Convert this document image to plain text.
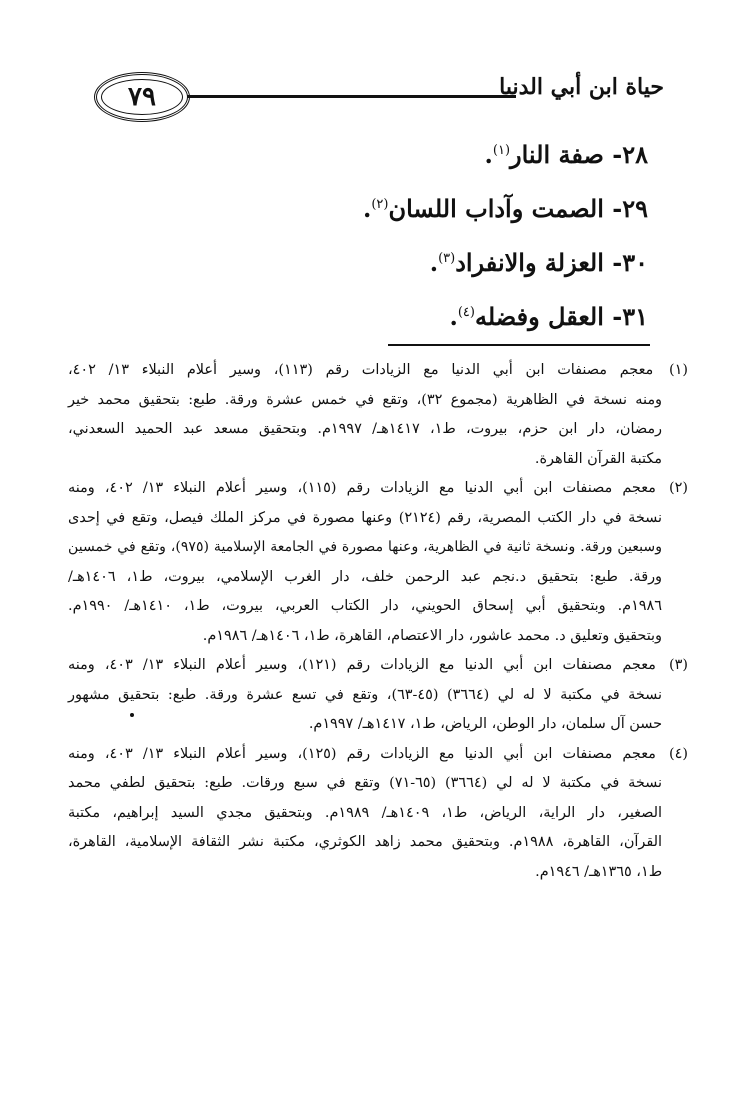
٧٩	حياة ابن أبي الدنيا
٢٨- صفة النار$^{(١)}$.
٢٩- الصمت وآداب اللسان$^{(٢)}$.
٣٠- العزلة والانفراد$^{(٣)}$.
٣١- العقل وفضله$^{(٤)}$.
(١) معجم مصنفات ابن أبي الدنيا مع الزيادات رقم (١١٣)، وسير أعلام النبلاء ١٣/ ٤٠٢،
ومنه نسخة في الظاهرية (مجموع ٣٢)، وتقع في خمس عشرة ورقة. طبع: بتحقيق محمد خير
رمضان، دار ابن حزم، بيروت، ط١، ١٤١٧هـ/ ١٩٩٧م. وبتحقيق مسعد عبد الحميد السعدني،
مكتبة القرآن القاهرة.
(٢) معجم مصنفات ابن أبي الدنيا مع الزيادات رقم (١١٥)، وسير أعلام النبلاء ١٣/ ٤٠٢، ومنه
نسخة في دار الكتب المصرية، رقم (٢١٢٤) وعنها مصورة في مركز الملك فيصل، وتقع في إحدى
وسبعين ورقة. ونسخة ثانية في الظاهرية، وعنها مصورة في الجامعة الإسلامية (٩٧٥)، وتقع في خمسين
ورقة. طبع: بتحقيق د.نجم عبد الرحمن خلف، دار الغرب الإسلامي، بيروت، ط١، ١٤٠٦هـ/
١٩٨٦م. وبتحقيق أبي إسحاق الحويني، دار الكتاب العربي، بيروت، ط١، ١٤١٠هـ/ ١٩٩٠م.
وبتحقيق وتعليق د. محمد عاشور، دار الاعتصام، القاهرة، ط١، ١٤٠٦هـ/ ١٩٨٦م.
(٣) معجم مصنفات ابن أبي الدنيا مع الزيادات رقم (١٢١)، وسير أعلام النبلاء ١٣/ ٤٠٣، ومنه
نسخة في مكتبة لا له لي (٣٦٦٤) (٤٥-٦٣)، وتقع في تسع عشرة ورقة. طبع: بتحقيق مشهور
حسن آل سلمان، دار الوطن، الرياض، ط١، ١٤١٧هـ/ ١٩٩٧م.
(٤) معجم مصنفات ابن أبي الدنيا مع الزيادات رقم (١٢٥)، وسير أعلام النبلاء ١٣/ ٤٠٣، ومنه
نسخة في مكتبة لا له لي (٣٦٦٤) (٦٥-٧١) وتقع في سبع ورقات. طبع: بتحقيق لطفي محمد
الصغير، دار الراية، الرياض، ط١، ١٤٠٩هـ/ ١٩٨٩م. وبتحقيق مجدي السيد إبراهيم، مكتبة
القرآن، القاهرة، ١٩٨٨م. وبتحقيق محمد زاهد الكوثري، مكتبة نشر الثقافة الإسلامية، القاهرة،
ط١، ١٣٦٥هـ/ ١٩٤٦م.
